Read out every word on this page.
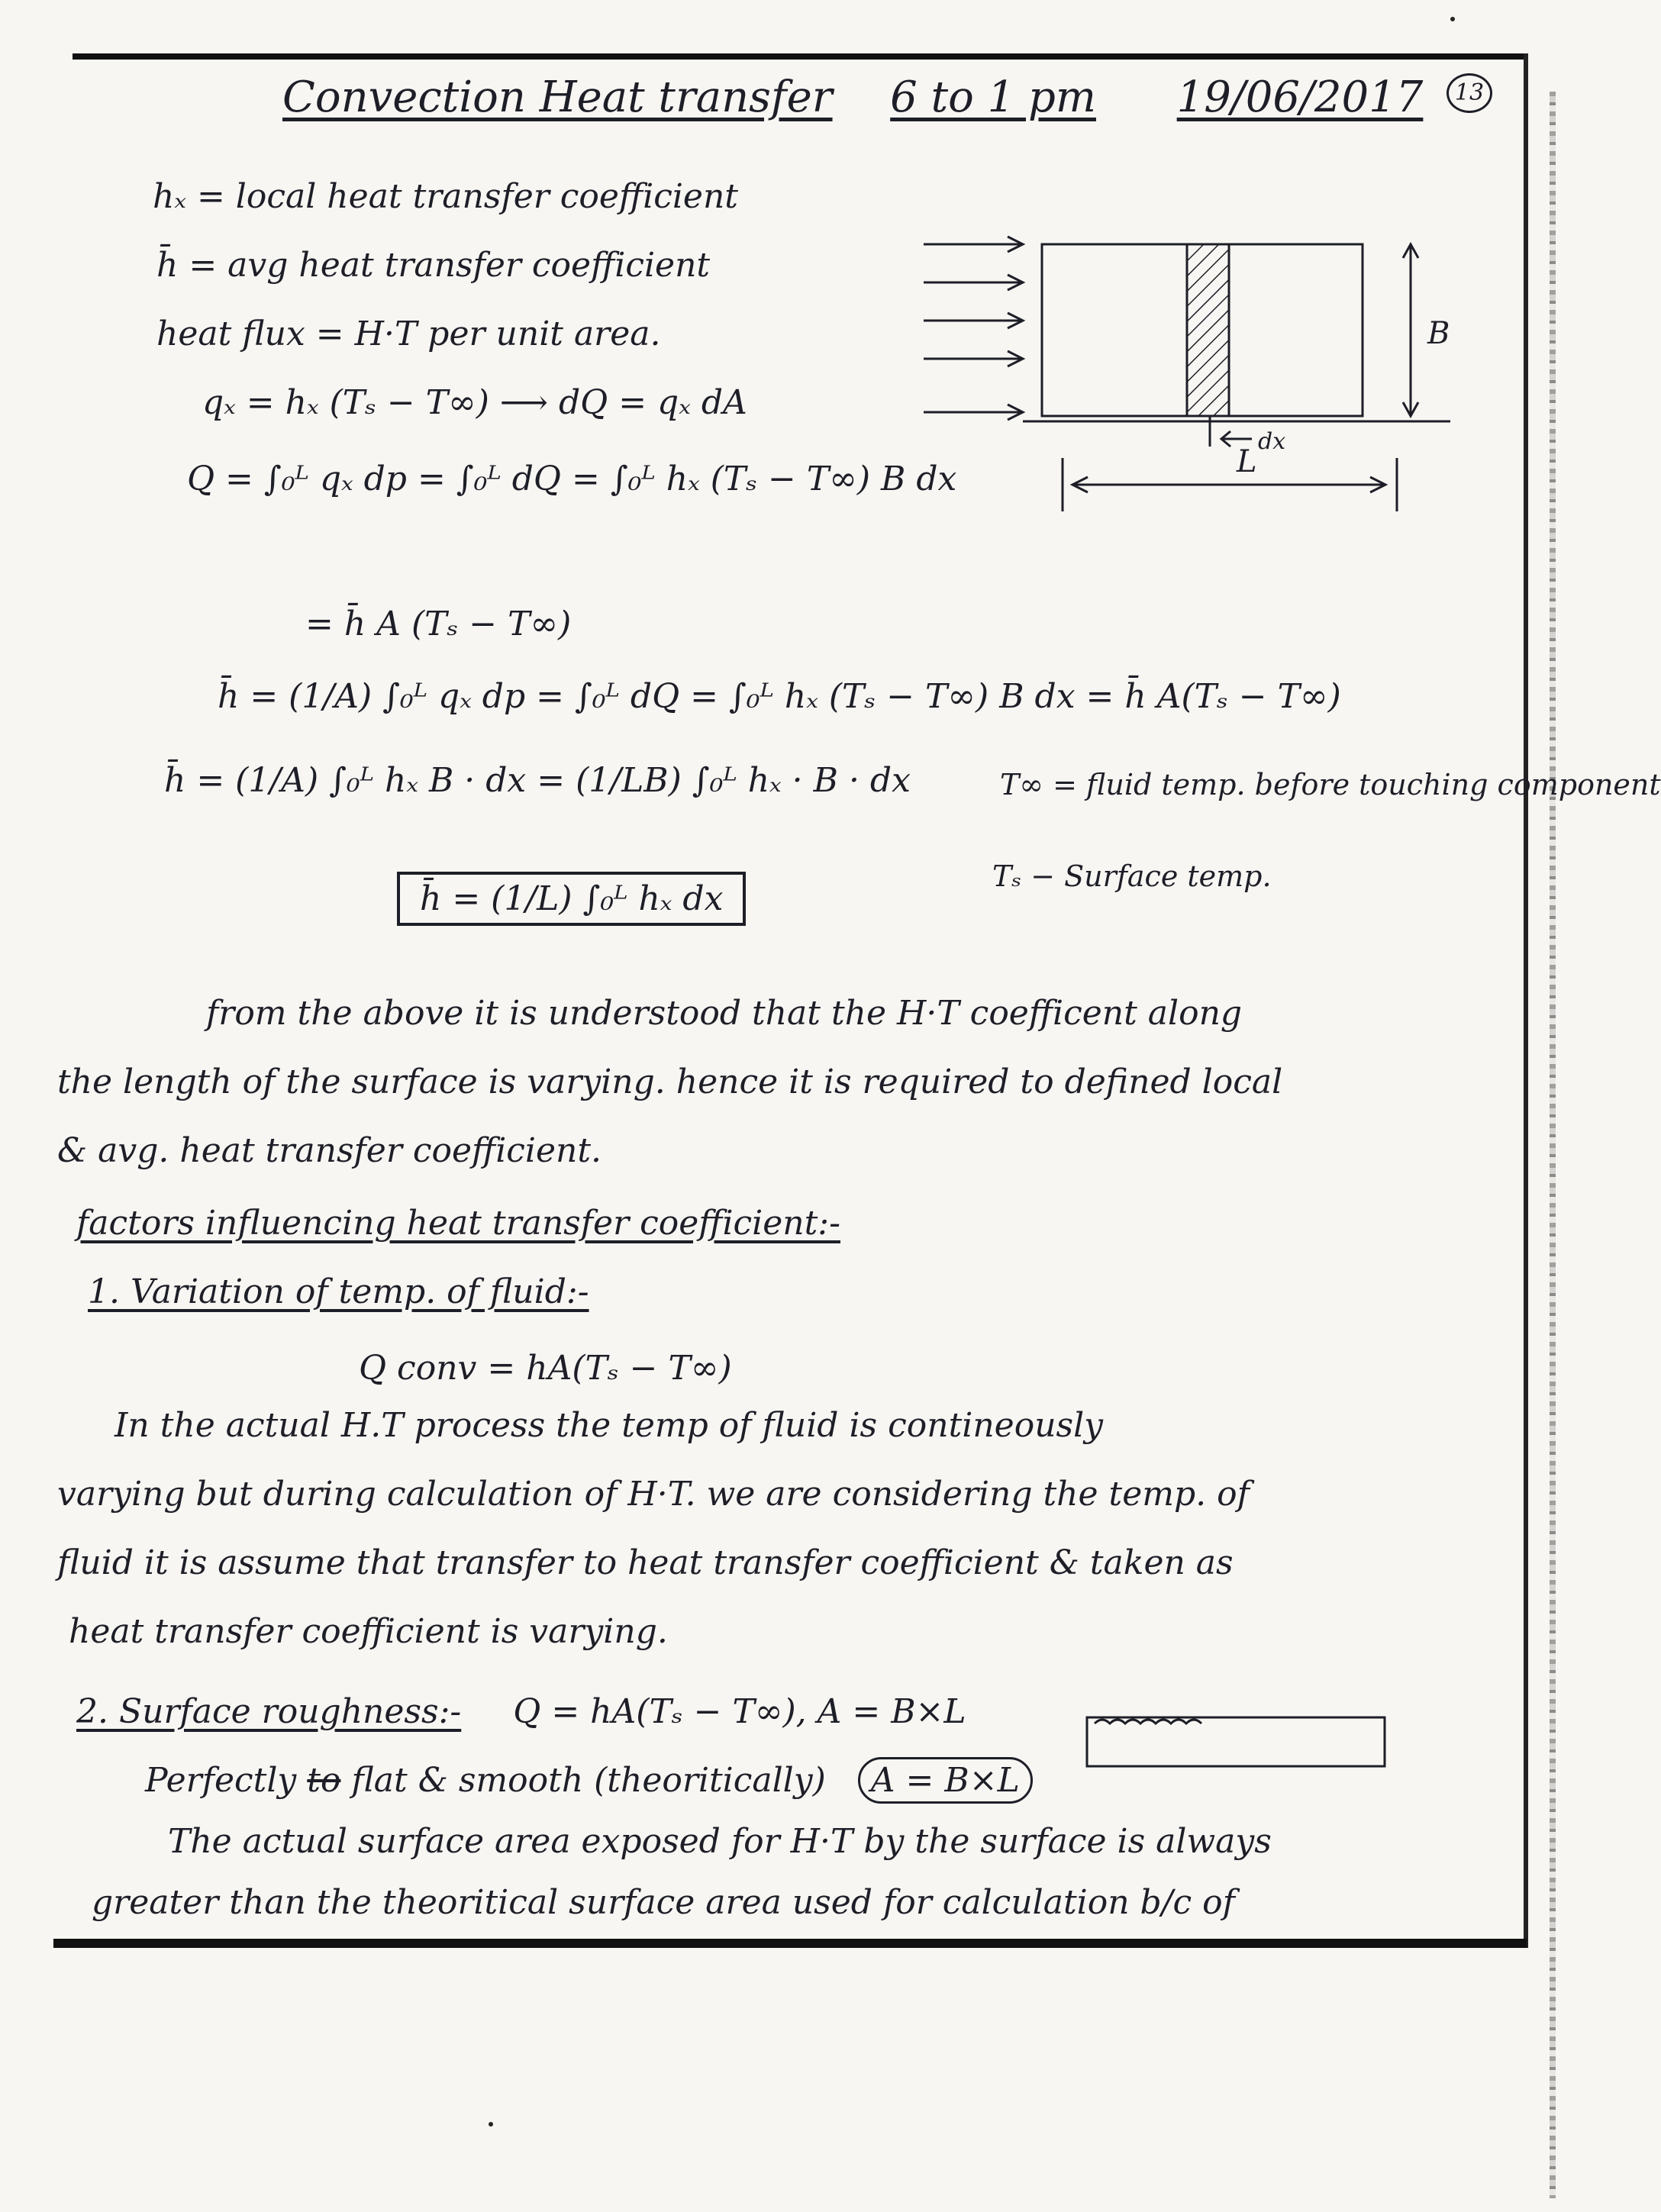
Convection Heat transfer 6 to 1 pm 19/06/2017	13
hₓ = local heat transfer coefficient
h̄ = avg heat transfer coefficient
heat flux = H·T per unit area.
qₓ = hₓ (Tₛ − T∞) ⟶ dQ = qₓ dA
Q = ∫₀ᴸ qₓ dp = ∫₀ᴸ dQ = ∫₀ᴸ hₓ (Tₛ − T∞) B dx
= h̄ A (Tₛ − T∞)
h̄ = (1/A) ∫₀ᴸ qₓ dp = ∫₀ᴸ dQ = ∫₀ᴸ hₓ (Tₛ − T∞) B dx = h̄ A(Tₛ − T∞)
h̄ = (1/A) ∫₀ᴸ hₓ B · dx = (1/LB) ∫₀ᴸ hₓ · B · dx	T∞ = fluid temp. before touching component
Tₛ − Surface temp.
h̄ = (1/L) ∫₀ᴸ hₓ dx
B
L
dx
from the above it is understood that the H·T coefficent along
the length of the surface is varying. hence it is required to defined local
& avg. heat transfer coefficient.
factors influencing heat transfer coefficient:-
1. Variation of temp. of fluid:-
Q conv = hA(Tₛ − T∞)
In the actual H.T process the temp of fluid is contineously
varying but during calculation of H·T. we are considering the temp. of
fluid it is assume that transfer to heat transfer coefficient & taken as
heat transfer coefficient is varying.
2. Surface roughness:- Q = hA(Tₛ − T∞), A = B×L
Perfectly to flat & smooth (theoritically) A = B×L
The actual surface area exposed for H·T by the surface is always
greater than the theoritical surface area used for calculation b/c of
